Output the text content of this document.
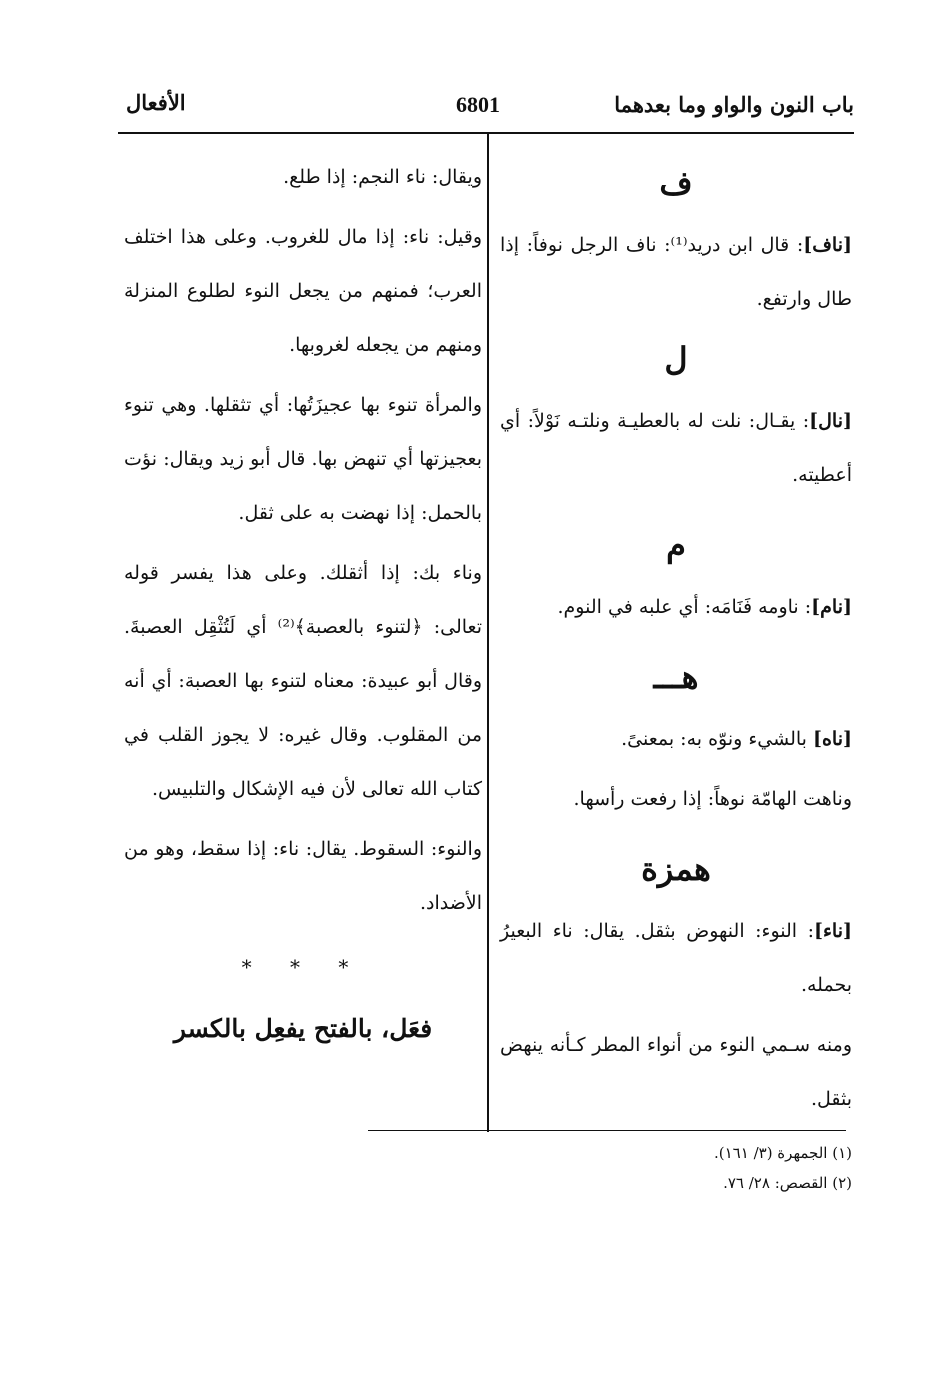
باب النون والواو وما بعدهما
6801
الأفعال

ف

[ناف]: قال ابن دريد⁽¹⁾: ناف الرجل نوفاً: إذا طال وارتفع.

ل

[نال]: يقـال: نلت له بالعطيـة ونلتـه نَوْلاً: أي أعطيته.

م

[نام]: ناومه فَنَامَه: أي علبه في النوم.

هـــ

[ناه] بالشيء ونوّه به: بمعنىً.

وناهت الهامّة نوهاً: إذا رفعت رأسها.

همزة

[ناء]: النوء: النهوض بثقل. يقال: ناء البعيرُ بحمله.

ومنه سـمي النوء من أنواء المطر كـأنه ينهض بثقل.

ويقال: ناء النجم: إذا طلع.

وقيل: ناء: إذا مال للغروب. وعلى هذا اختلف العرب؛ فمنهم من يجعل النوء لطلوع المنزلة ومنهم من يجعله لغروبها.

والمرأة تنوء بها عجيزَتُها: أي تثقلها. وهي تنوء بعجيزتها أي تنهض بها. قال أبو زيد ويقال: نؤت بالحمل: إذا نهضت به على ثقل.

وناء بك: إذا أثقلك. وعلى هذا يفسر قوله تعالى: ﴿لتنوء بالعصبة﴾⁽²⁾ أي لَتُثْقِل العصبةَ. وقال أبو عبيدة: معناه لتنوء بها العصبة: أي أنه من المقلوب. وقال غيره: لا يجوز القلب في كتاب الله تعالى لأن فيه الإشكال والتلبيس.

والنوء: السقوط. يقال: ناء: إذا سقط، وهو من الأضداد.

* * *

فعَل، بالفتح يفعِل بالكسر

(١) الجمهرة (٣/ ١٦١).

(٢) القصص: ٢٨/ ٧٦.
